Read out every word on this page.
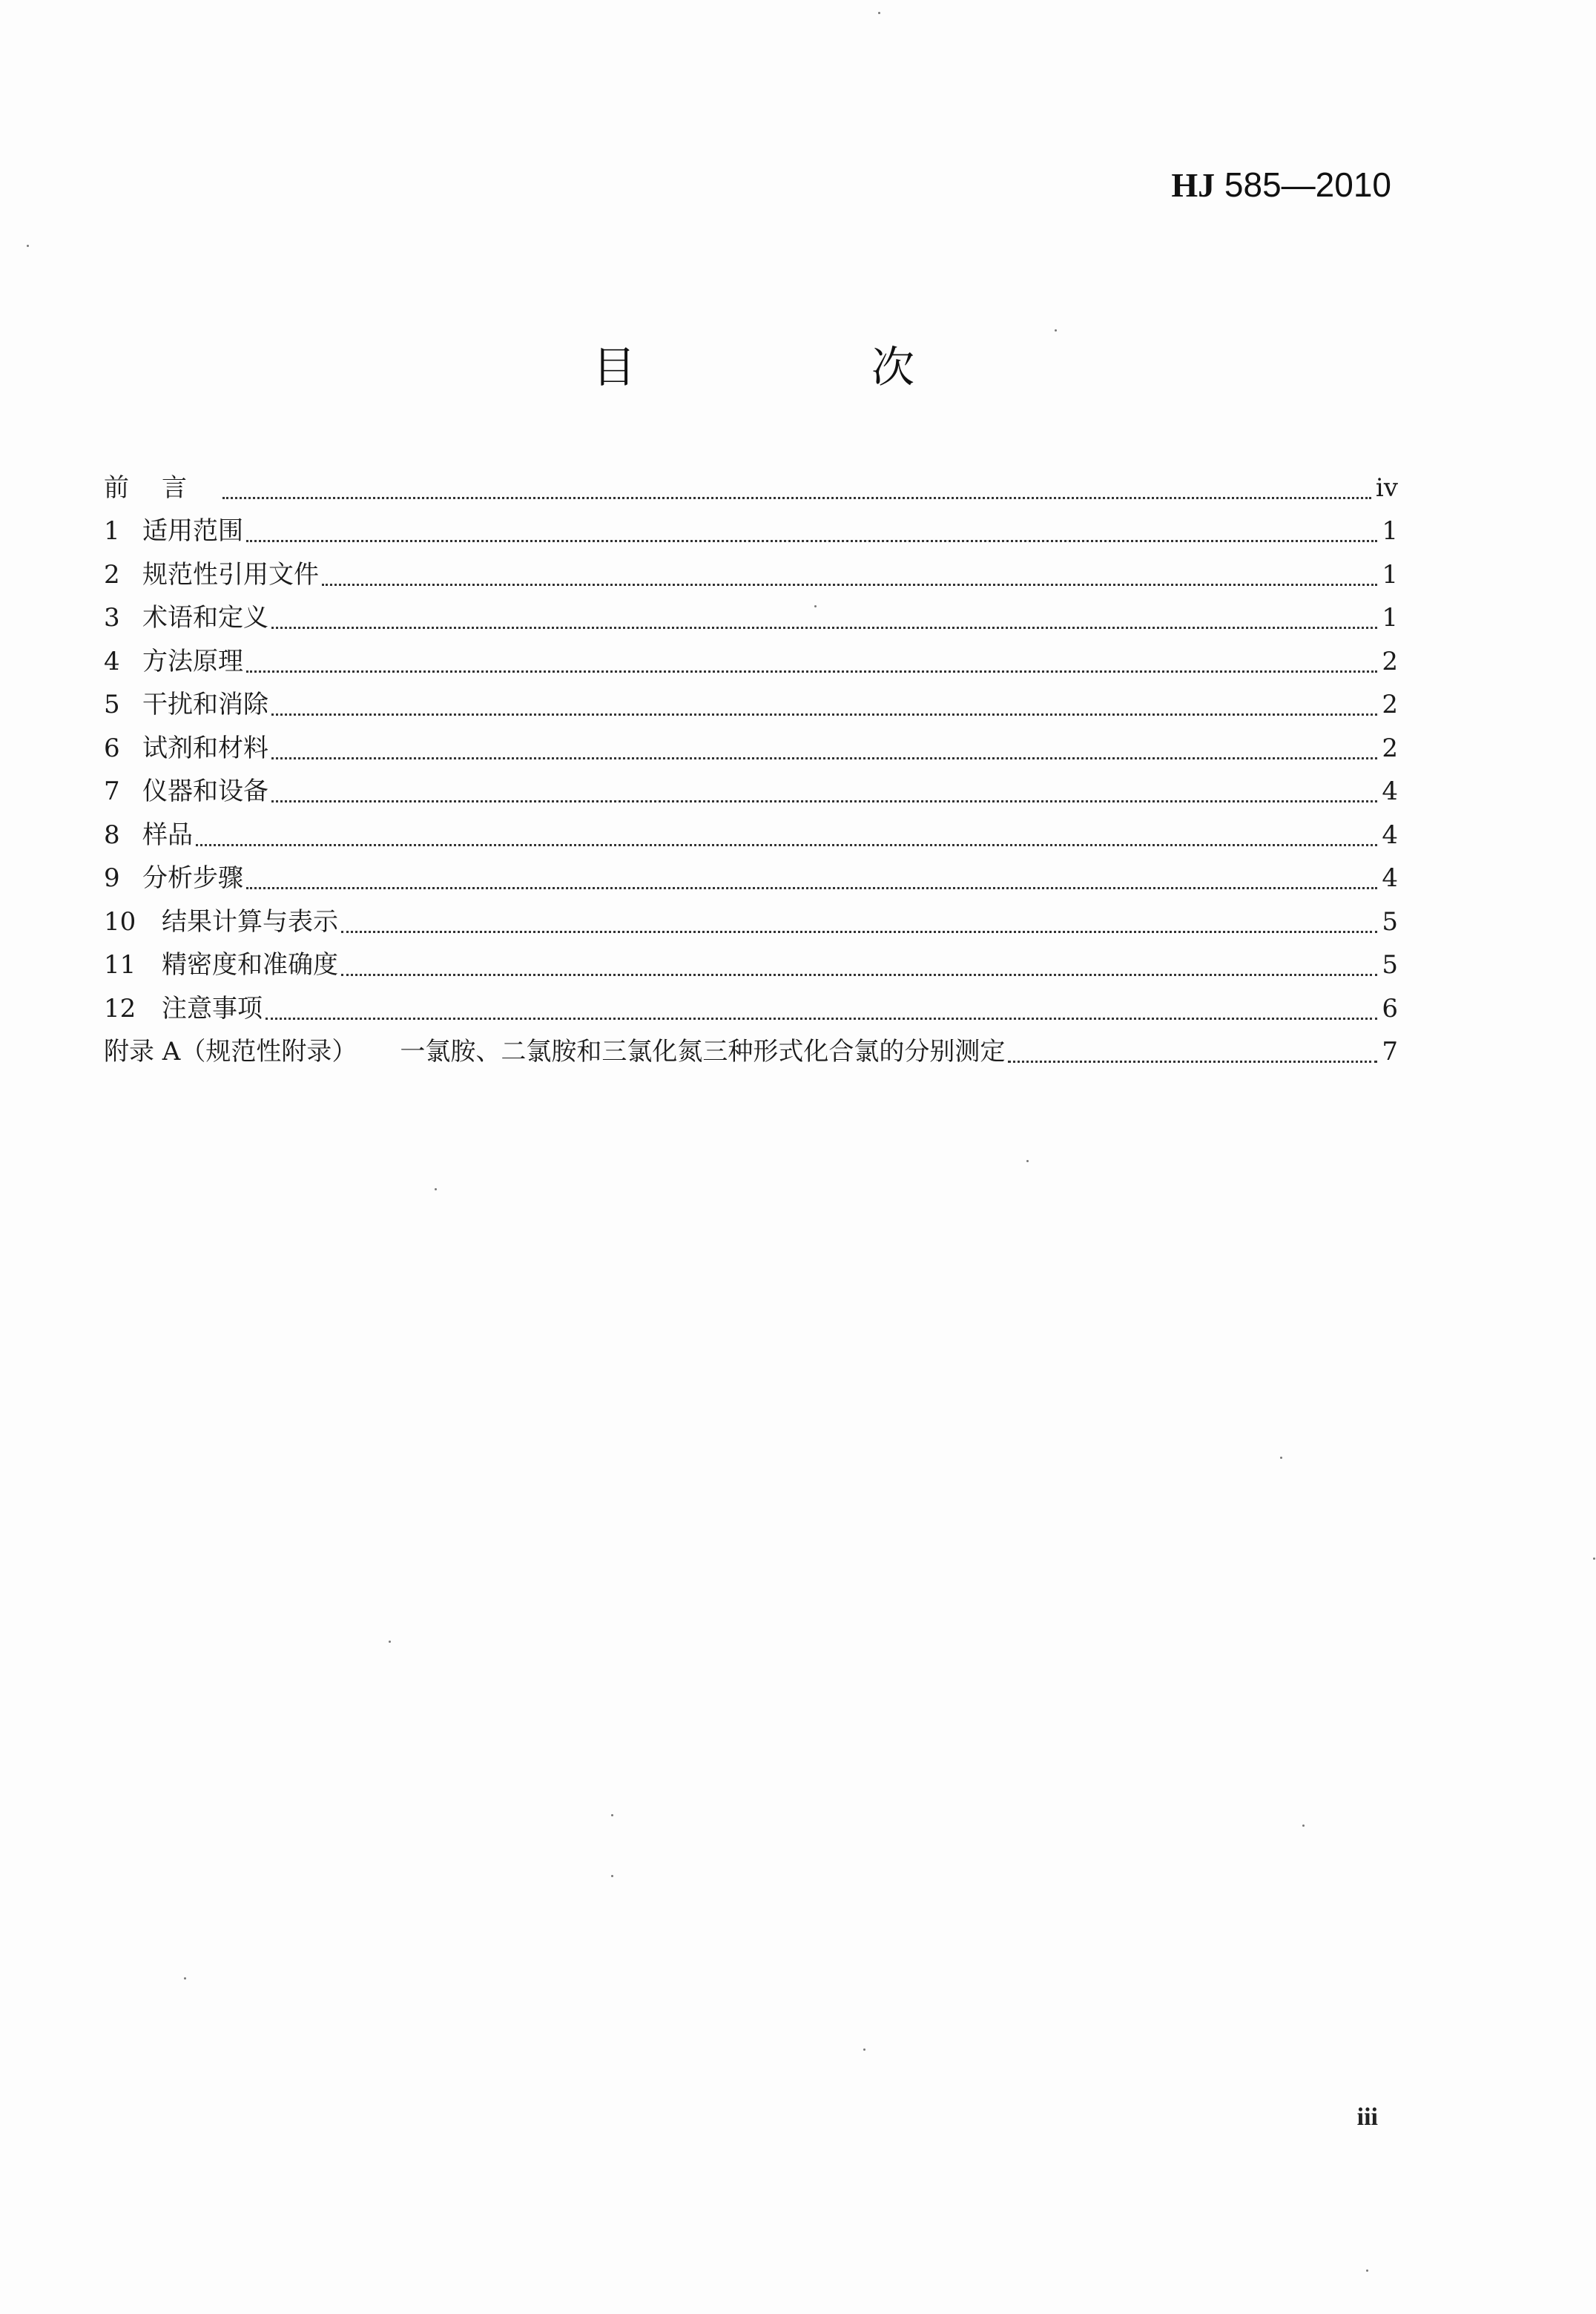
HJ 585—2010
目　次
前言	iv
1 适用范围	1
2 规范性引用文件	1
3 术语和定义	1
4 方法原理	2
5 干扰和消除	2
6 试剂和材料	2
7 仪器和设备	4
8 样品	4
9 分析步骤	4
10	结果计算与表示	5
11	精密度和准确度	5
12	注意事项	6
附录 A（规范性附录） 一氯胺、二氯胺和三氯化氮三种形式化合氯的分别测定	7
iii
